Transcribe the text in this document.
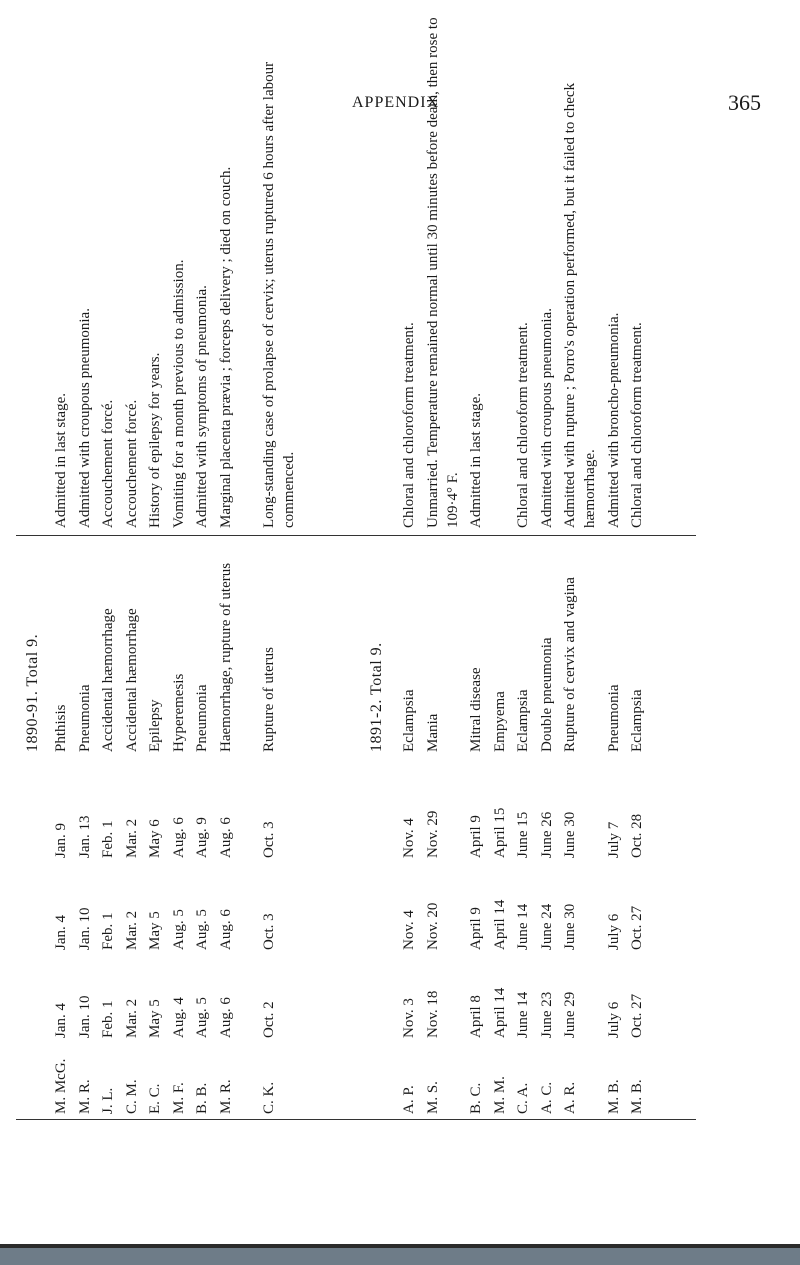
APPENDIX	365
1890-91. Total 9.
M. McG.
Jan. 4
Jan. 4
Jan. 9
Phthisis
Admitted in last stage.
M. R.
Jan. 10
Jan. 10
Jan. 13
Pneumonia
Admitted with croupous pneumonia.
J. L.
Feb. 1
Feb. 1
Feb. 1
Accidental hæmorrhage
Accouchement forcé.
C. M.
Mar. 2
Mar. 2
Mar. 2
Accidental hæmorrhage
Accouchement forcé.
E. C.
May 5
May 5
May 6
Epilepsy
History of epilepsy for years.
M. F.
Aug. 4
Aug. 5
Aug. 6
Hyperemesis
Vomiting for a month previous to admission.
B. B.
Aug. 5
Aug. 5
Aug. 9
Pneumonia
Admitted with symptoms of pneumonia.
M. R.
Aug. 6
Aug. 6
Aug. 6
Haemorrhage, rupture of uterus
Marginal placenta prævia ; forceps delivery ; died on couch.
C. K.
Oct. 2
Oct. 3
Oct. 3
Rupture of uterus
Long-standing case of prolapse of cervix; uterus ruptured 6 hours after labour commenced.
1891-2. Total 9.
A. P.
Nov. 3
Nov. 4
Nov. 4
Eclampsia
Chloral and chloroform treatment.
M. S.
Nov. 18
Nov. 20
Nov. 29
Mania
Unmarried. Temperature remained normal until 30 minutes before death, then rose to 109·4° F.
B. C.
April 8
April 9
April 9
Mitral disease
Admitted in last stage.
M. M.
April 14
April 14
April 15
Empyema
C. A.
June 14
June 14
June 15
Eclampsia
Chloral and chloroform treatment.
A. C.
June 23
June 24
June 26
Double pneumonia
Admitted with croupous pneumonia.
A. R.
June 29
June 30
June 30
Rupture of cervix and vagina
Admitted with rupture ; Porro's operation performed, but it failed to check hæmorrhage.
M. B.
July 6
July 6
July 7
Pneumonia
Admitted with broncho-pneumonia.
M. B.
Oct. 27
Oct. 27
Oct. 28
Eclampsia
Chloral and chloroform treatment.
